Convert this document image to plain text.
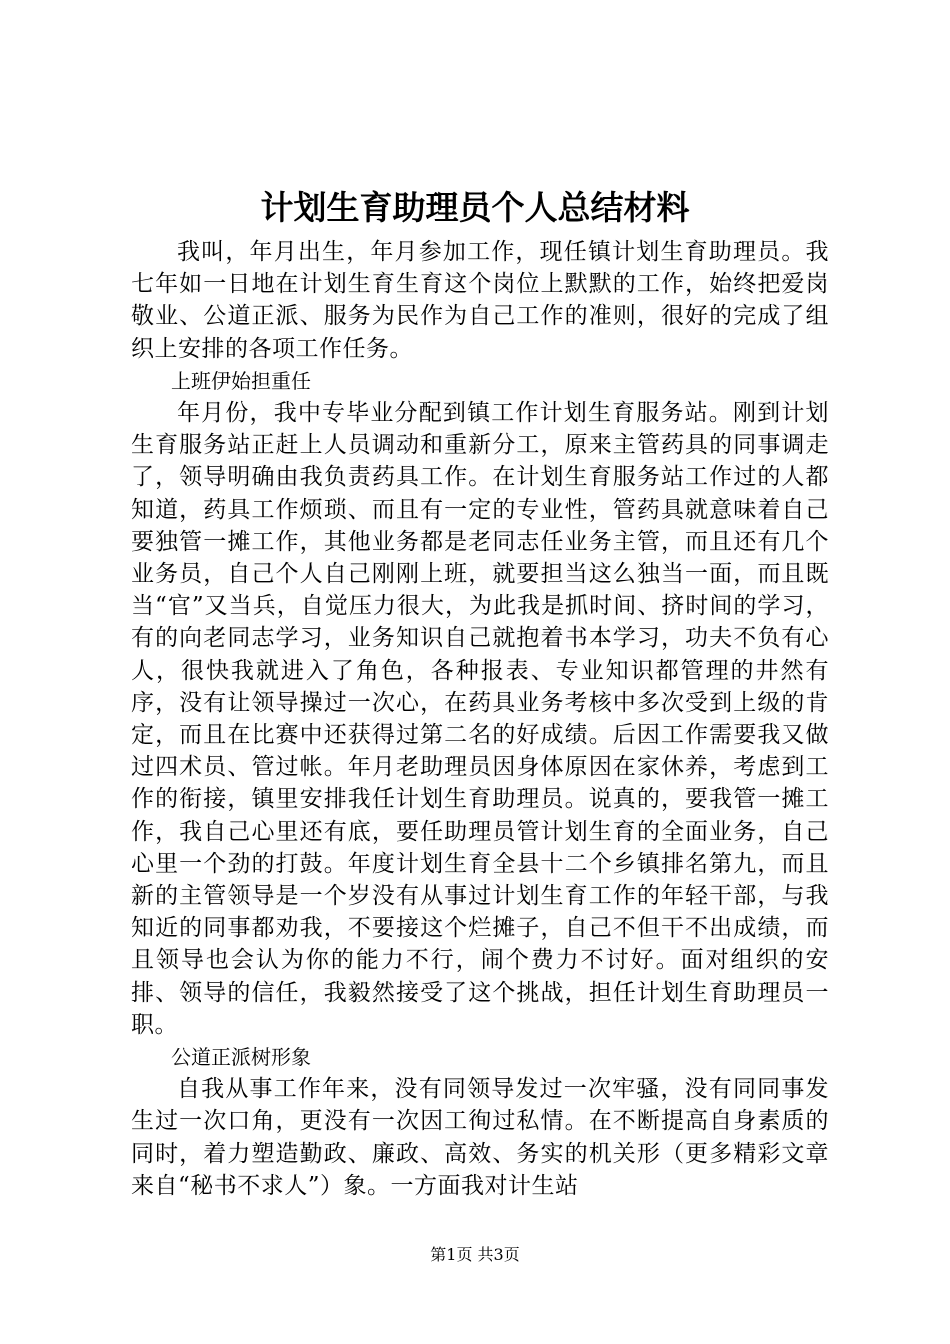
计划生育助理员个人总结材料

我叫，年月出生，年月参加工作，现任镇计划生育助理员。我七年如一日地在计划生育生育这个岗位上默默的工作，始终把爱岗敬业、公道正派、服务为民作为自己工作的准则，很好的完成了组织上安排的各项工作任务。

上班伊始担重任

年月份，我中专毕业分配到镇工作计划生育服务站。刚到计划生育服务站正赶上人员调动和重新分工，原来主管药具的同事调走了，领导明确由我负责药具工作。在计划生育服务站工作过的人都知道，药具工作烦琐、而且有一定的专业性，管药具就意味着自己要独管一摊工作，其他业务都是老同志任业务主管，而且还有几个业务员，自己个人自己刚刚上班，就要担当这么独当一面，而且既当“官”又当兵，自觉压力很大，为此我是抓时间、挤时间的学习，有的向老同志学习，业务知识自己就抱着书本学习，功夫不负有心人，很快我就进入了角色，各种报表、专业知识都管理的井然有序，没有让领导操过一次心，在药具业务考核中多次受到上级的肯定，而且在比赛中还获得过第二名的好成绩。后因工作需要我又做过四术员、管过帐。年月老助理员因身体原因在家休养，考虑到工作的衔接，镇里安排我任计划生育助理员。说真的，要我管一摊工作，我自己心里还有底，要任助理员管计划生育的全面业务，自己心里一个劲的打鼓。年度计划生育全县十二个乡镇排名第九，而且新的主管领导是一个岁没有从事过计划生育工作的年轻干部，与我知近的同事都劝我，不要接这个烂摊子，自己不但干不出成绩，而且领导也会认为你的能力不行，闹个费力不讨好。面对组织的安排、领导的信任，我毅然接受了这个挑战，担任计划生育助理员一职。

公道正派树形象

自我从事工作年来，没有同领导发过一次牢骚，没有同同事发生过一次口角，更没有一次因工徇过私情。在不断提高自身素质的同时，着力塑造勤政、廉政、高效、务实的机关形（更多精彩文章来自“秘书不求人”）象。一方面我对计生站

第1页 共3页
